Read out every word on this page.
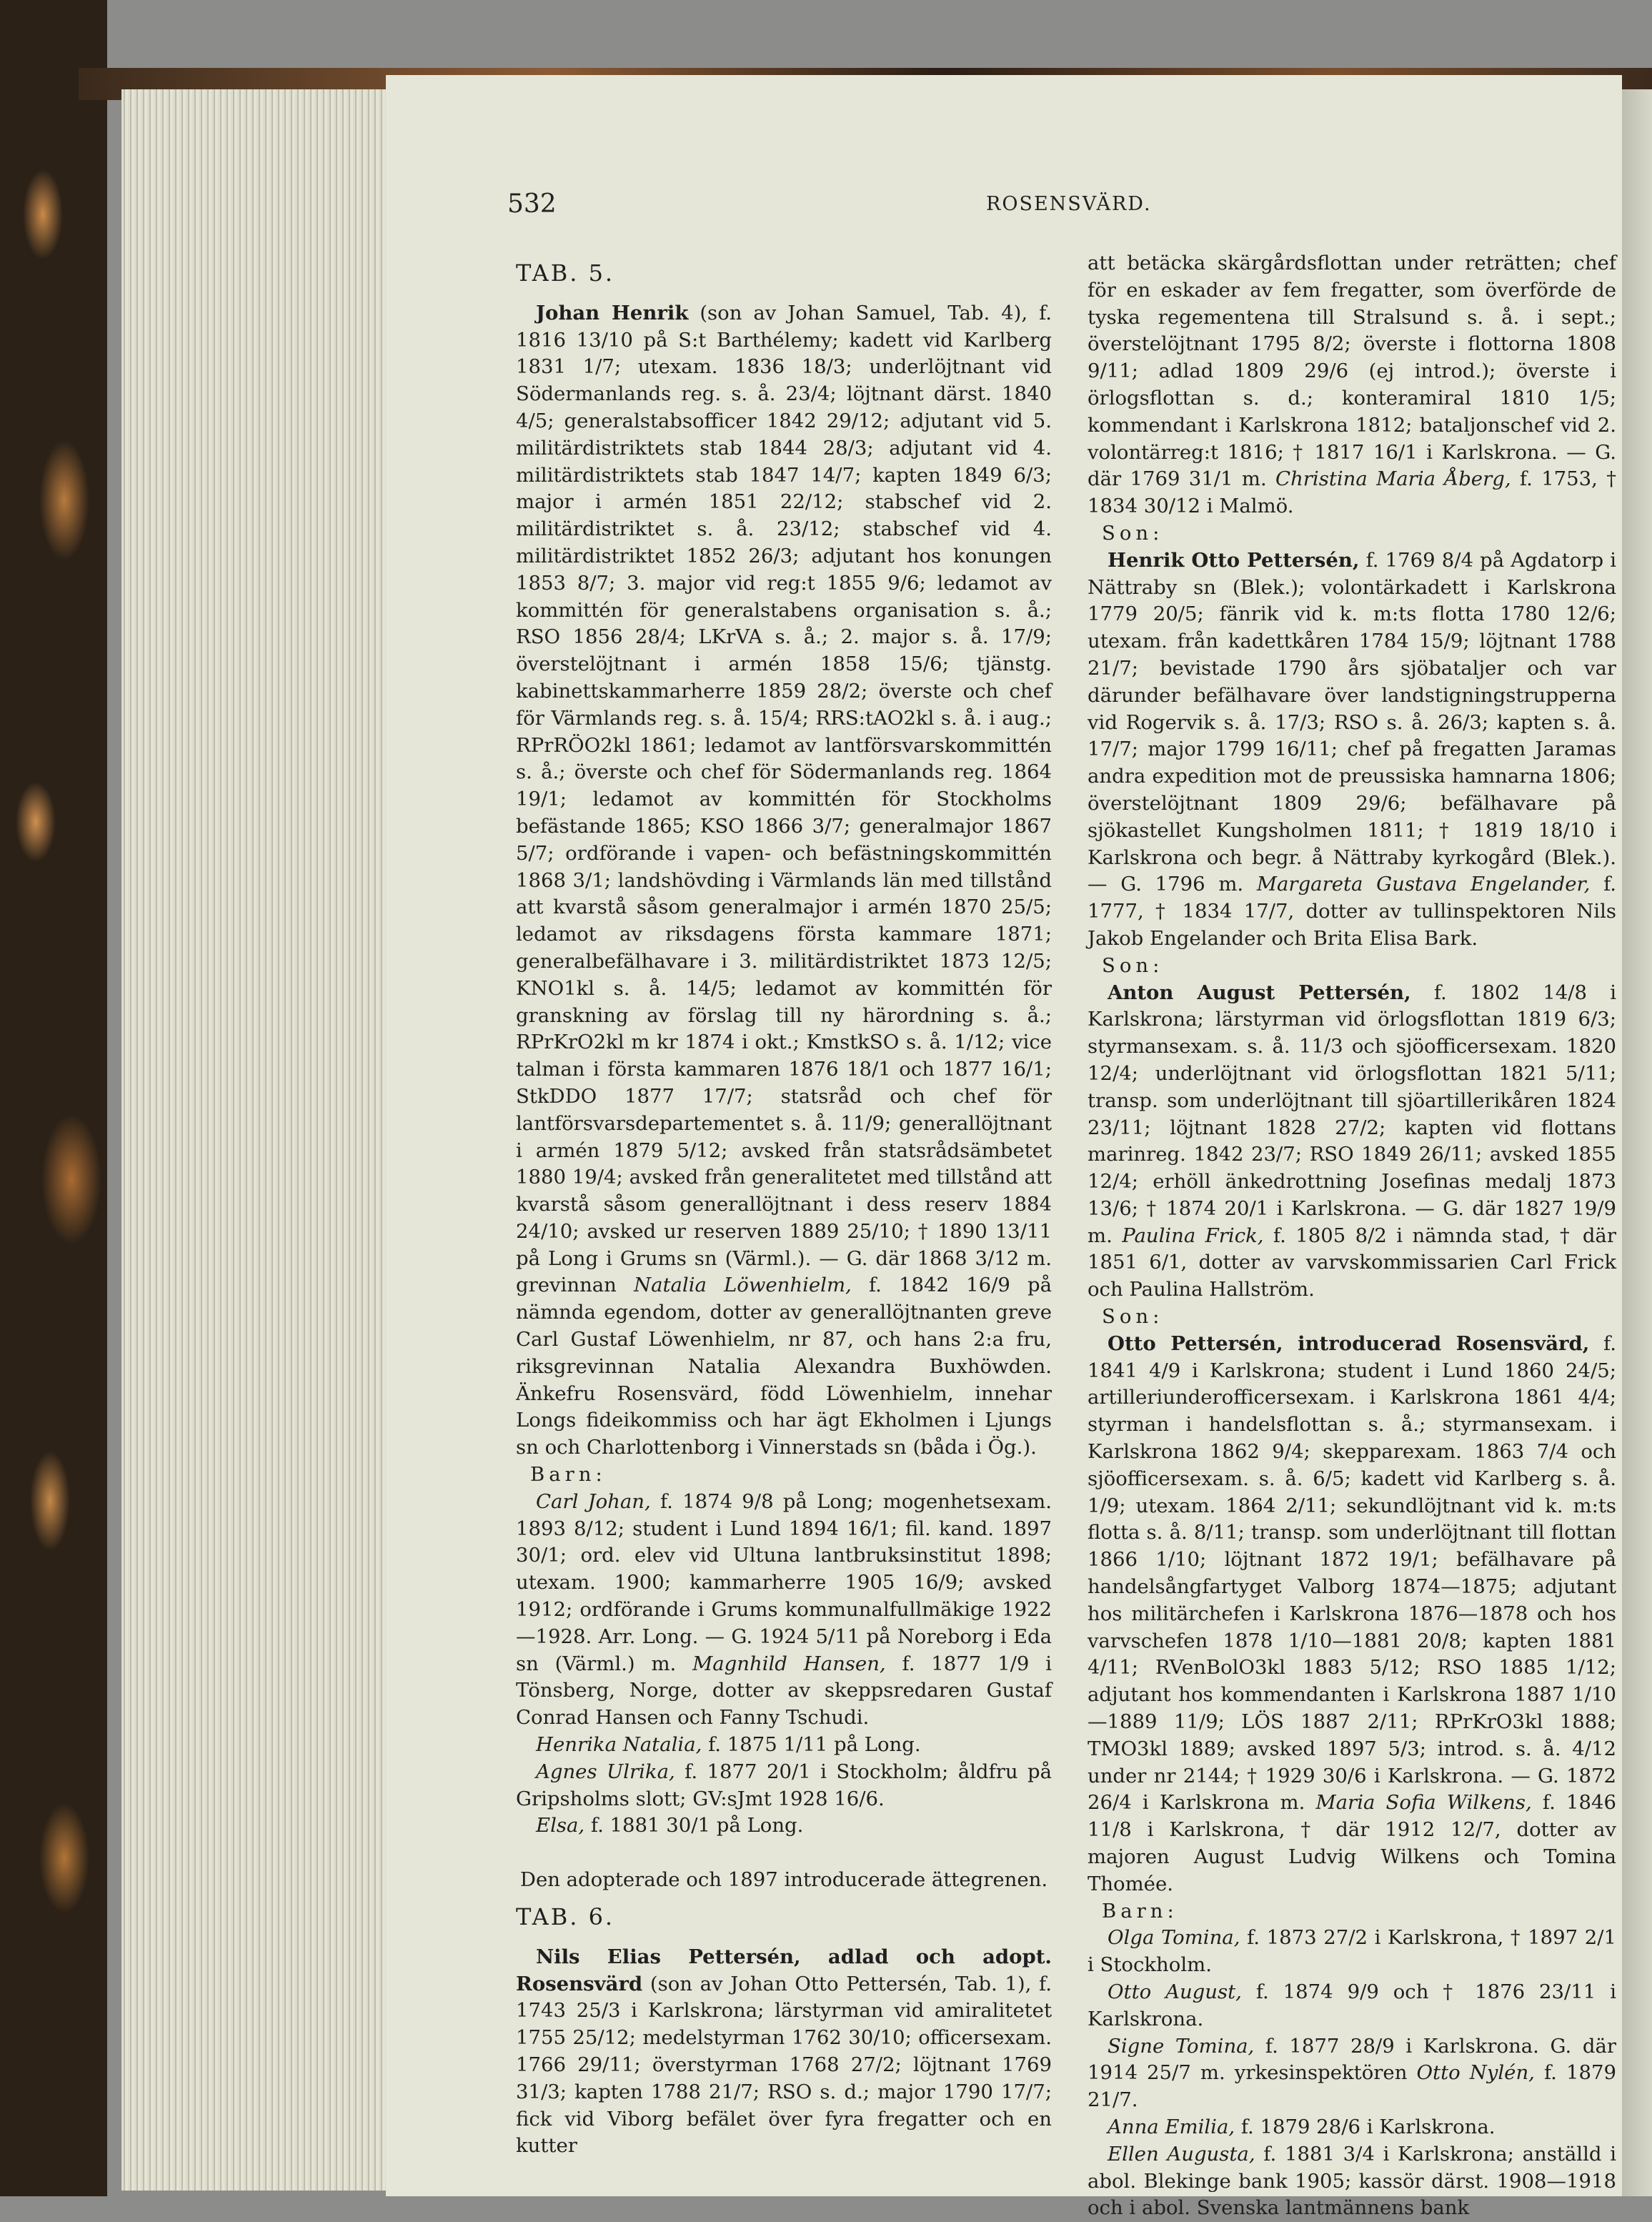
532	ROSENSVÄRD.

TAB. 5.

Johan Henrik (son av Johan Samuel, Tab. 4), f. 1816 13/10 på S:t Barthélemy; kadett vid Karlberg 1831 1/7; utexam. 1836 18/3; underlöjtnant vid Södermanlands reg. s. å. 23/4; löjtnant därst. 1840 4/5; generalstabsofficer 1842 29/12; adjutant vid 5. militärdistriktets stab 1844 28/3; adjutant vid 4. militärdistriktets stab 1847 14/7; kapten 1849 6/3; major i armén 1851 22/12; stabschef vid 2. militärdistriktet s. å. 23/12; stabschef vid 4. militärdistriktet 1852 26/3; adjutant hos konungen 1853 8/7; 3. major vid reg:t 1855 9/6; ledamot av kommittén för generalstabens organisation s. å.; RSO 1856 28/4; LKrVA s. å.; 2. major s. å. 17/9; överstelöjtnant i armén 1858 15/6; tjänstg. kabinettskammarherre 1859 28/2; överste och chef för Värmlands reg. s. å. 15/4; RRS:tAO2kl s. å. i aug.; RPrRÖO2kl 1861; ledamot av lantförsvarskommittén s. å.; överste och chef för Södermanlands reg. 1864 19/1; ledamot av kommittén för Stockholms befästande 1865; KSO 1866 3/7; generalmajor 1867 5/7; ordförande i vapen- och befästningskommittén 1868 3/1; landshövding i Värmlands län med tillstånd att kvarstå såsom generalmajor i armén 1870 25/5; ledamot av riksdagens första kammare 1871; generalbefälhavare i 3. militärdistriktet 1873 12/5; KNO1kl s. å. 14/5; ledamot av kommittén för granskning av förslag till ny härordning s. å.; RPrKrO2kl m kr 1874 i okt.; KmstkSO s. å. 1/12; vice talman i första kammaren 1876 18/1 och 1877 16/1; StkDDO 1877 17/7; statsråd och chef för lantförsvarsdepartementet s. å. 11/9; generallöjtnant i armén 1879 5/12; avsked från statsrådsämbetet 1880 19/4; avsked från generalitetet med tillstånd att kvarstå såsom generallöjtnant i dess reserv 1884 24/10; avsked ur reserven 1889 25/10; † 1890 13/11 på Long i Grums sn (Värml.). — G. där 1868 3/12 m. grevinnan Natalia Löwenhielm, f. 1842 16/9 på nämnda egendom, dotter av generallöjtnanten greve Carl Gustaf Löwenhielm, nr 87, och hans 2:a fru, riksgrevinnan Natalia Alexandra Buxhöwden. Änkefru Rosensvärd, född Löwenhielm, innehar Longs fideikommiss och har ägt Ekholmen i Ljungs sn och Charlottenborg i Vinnerstads sn (båda i Ög.).

Barn:

Carl Johan, f. 1874 9/8 på Long; mogenhetsexam. 1893 8/12; student i Lund 1894 16/1; fil. kand. 1897 30/1; ord. elev vid Ultuna lantbruksinstitut 1898; utexam. 1900; kammarherre 1905 16/9; avsked 1912; ordförande i Grums kommunalfullmäkige 1922—1928. Arr. Long. — G. 1924 5/11 på Noreborg i Eda sn (Värml.) m. Magnhild Hansen, f. 1877 1/9 i Tönsberg, Norge, dotter av skeppsredaren Gustaf Conrad Hansen och Fanny Tschudi.

Henrika Natalia, f. 1875 1/11 på Long.

Agnes Ulrika, f. 1877 20/1 i Stockholm; åldfru på Gripsholms slott; GV:sJmt 1928 16/6.

Elsa, f. 1881 30/1 på Long.

Den adopterade och 1897 introducerade ättegrenen.

TAB. 6.

Nils Elias Pettersén, adlad och adopt. Rosensvärd (son av Johan Otto Pettersén, Tab. 1), f. 1743 25/3 i Karlskrona; lärstyrman vid amiralitetet 1755 25/12; medelstyrman 1762 30/10; officersexam. 1766 29/11; överstyrman 1768 27/2; löjtnant 1769 31/3; kapten 1788 21/7; RSO s. d.; major 1790 17/7; fick vid Viborg befälet över fyra fregatter och en kutter

att betäcka skärgårdsflottan under reträtten; chef för en eskader av fem fregatter, som överförde de tyska regementena till Stralsund s. å. i sept.; överstelöjtnant 1795 8/2; överste i flottorna 1808 9/11; adlad 1809 29/6 (ej introd.); överste i örlogsflottan s. d.; konteramiral 1810 1/5; kommendant i Karlskrona 1812; bataljonschef vid 2. volontärreg:t 1816; † 1817 16/1 i Karlskrona. — G. där 1769 31/1 m. Christina Maria Åberg, f. 1753, † 1834 30/12 i Malmö.

Son:

Henrik Otto Pettersén, f. 1769 8/4 på Agdatorp i Nättraby sn (Blek.); volontärkadett i Karlskrona 1779 20/5; fänrik vid k. m:ts flotta 1780 12/6; utexam. från kadettkåren 1784 15/9; löjtnant 1788 21/7; bevistade 1790 års sjöbataljer och var därunder befälhavare över landstigningstrupperna vid Rogervik s. å. 17/3; RSO s. å. 26/3; kapten s. å. 17/7; major 1799 16/11; chef på fregatten Jaramas andra expedition mot de preussiska hamnarna 1806; överstelöjtnant 1809 29/6; befälhavare på sjökastellet Kungsholmen 1811; † 1819 18/10 i Karlskrona och begr. å Nättraby kyrkogård (Blek.). — G. 1796 m. Margareta Gustava Engelander, f. 1777, † 1834 17/7, dotter av tullinspektoren Nils Jakob Engelander och Brita Elisa Bark.

Son:

Anton August Pettersén, f. 1802 14/8 i Karlskrona; lärstyrman vid örlogsflottan 1819 6/3; styrmansexam. s. å. 11/3 och sjöofficersexam. 1820 12/4; underlöjtnant vid örlogsflottan 1821 5/11; transp. som underlöjtnant till sjöartillerikåren 1824 23/11; löjtnant 1828 27/2; kapten vid flottans marinreg. 1842 23/7; RSO 1849 26/11; avsked 1855 12/4; erhöll änkedrottning Josefinas medalj 1873 13/6; † 1874 20/1 i Karlskrona. — G. där 1827 19/9 m. Paulina Frick, f. 1805 8/2 i nämnda stad, † där 1851 6/1, dotter av varvskommissarien Carl Frick och Paulina Hallström.

Son:

Otto Pettersén, introducerad Rosensvärd, f. 1841 4/9 i Karlskrona; student i Lund 1860 24/5; artilleriunderofficersexam. i Karlskrona 1861 4/4; styrman i handelsflottan s. å.; styrmansexam. i Karlskrona 1862 9/4; skepparexam. 1863 7/4 och sjöofficersexam. s. å. 6/5; kadett vid Karlberg s. å. 1/9; utexam. 1864 2/11; sekundlöjtnant vid k. m:ts flotta s. å. 8/11; transp. som underlöjtnant till flottan 1866 1/10; löjtnant 1872 19/1; befälhavare på handelsångfartyget Valborg 1874—1875; adjutant hos militärchefen i Karlskrona 1876—1878 och hos varvschefen 1878 1/10—1881 20/8; kapten 1881 4/11; RVenBolO3kl 1883 5/12; RSO 1885 1/12; adjutant hos kommendanten i Karlskrona 1887 1/10—1889 11/9; LÖS 1887 2/11; RPrKrO3kl 1888; TMO3kl 1889; avsked 1897 5/3; introd. s. å. 4/12 under nr 2144; † 1929 30/6 i Karlskrona. — G. 1872 26/4 i Karlskrona m. Maria Sofia Wilkens, f. 1846 11/8 i Karlskrona, † där 1912 12/7, dotter av majoren August Ludvig Wilkens och Tomina Thomée.

Barn:

Olga Tomina, f. 1873 27/2 i Karlskrona, † 1897 2/1 i Stockholm.

Otto August, f. 1874 9/9 och † 1876 23/11 i Karlskrona.

Signe Tomina, f. 1877 28/9 i Karlskrona. G. där 1914 25/7 m. yrkesinspektören Otto Nylén, f. 1879 21/7.

Anna Emilia, f. 1879 28/6 i Karlskrona.

Ellen Augusta, f. 1881 3/4 i Karlskrona; anställd i abol. Blekinge bank 1905; kassör därst. 1908—1918 och i abol. Svenska lantmännens bank
